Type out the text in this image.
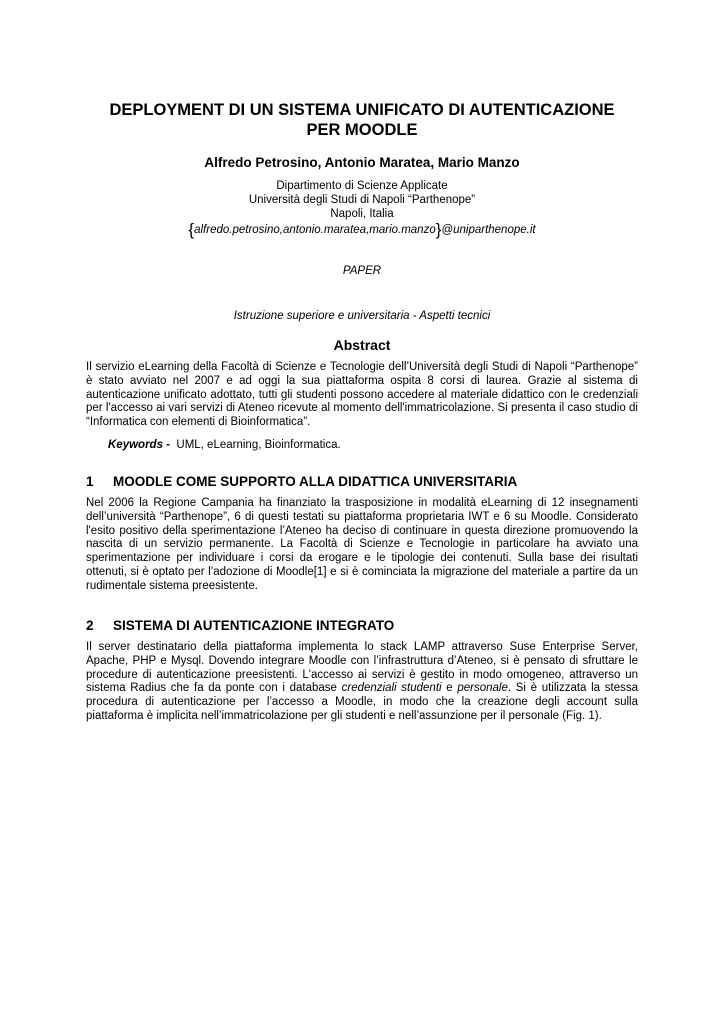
DEPLOYMENT DI UN SISTEMA UNIFICATO DI AUTENTICAZIONE
PER MOODLE
Alfredo Petrosino, Antonio Maratea, Mario Manzo
Dipartimento di Scienze Applicate
Università degli Studi di Napoli “Parthenope”
Napoli, Italia
{alfredo.petrosino,antonio.maratea,mario.manzo}@uniparthenope.it
PAPER
Istruzione superiore e universitaria - Aspetti tecnici
Abstract
Il servizio eLearning della Facoltà di Scienze e Tecnologie dell’Università degli Studi di Napoli “Parthenope” è stato avviato nel 2007 e ad oggi la sua piattaforma ospita 8 corsi di laurea. Grazie al sistema di autenticazione unificato adottato, tutti gli studenti possono accedere al materiale didattico con le credenziali per l'accesso ai vari servizi di Ateneo ricevute al momento dell'immatricolazione. Si presenta il caso studio di “Informatica con elementi di Bioinformatica”.
Keywords - UML, eLearning, Bioinformatica.
1 MOODLE COME SUPPORTO ALLA DIDATTICA UNIVERSITARIA
Nel 2006 la Regione Campania ha finanziato la trasposizione in modalità eLearning di 12 insegnamenti dell’università “Parthenope”, 6 di questi testati su piattaforma proprietaria IWT e 6 su Moodle. Considerato l'esito positivo della sperimentazione l’Ateneo ha deciso di continuare in questa direzione promuovendo la nascita di un servizio permanente. La Facoltà di Scienze e Tecnologie in particolare ha avviato una sperimentazione per individuare i corsi da erogare e le tipologie dei contenuti. Sulla base dei risultati ottenuti, si è optato per l’adozione di Moodle[1] e si è cominciata la migrazione del materiale a partire da un rudimentale sistema preesistente.
2 SISTEMA DI AUTENTICAZIONE INTEGRATO
Il server destinatario della piattaforma implementa lo stack LAMP attraverso Suse Enterprise Server, Apache, PHP e Mysql. Dovendo integrare Moodle con l’infrastruttura d’Ateneo, si è pensato di sfruttare le procedure di autenticazione preesistenti. L'accesso ai servizi è gestito in modo omogeneo, attraverso un sistema Radius che fa da ponte con i database credenziali studenti e personale. Si è utilizzata la stessa procedura di autenticazione per l’accesso a Moodle, in modo che la creazione degli account sulla piattaforma è implicita nell’immatricolazione per gli studenti e nell’assunzione per il personale (Fig. 1).
